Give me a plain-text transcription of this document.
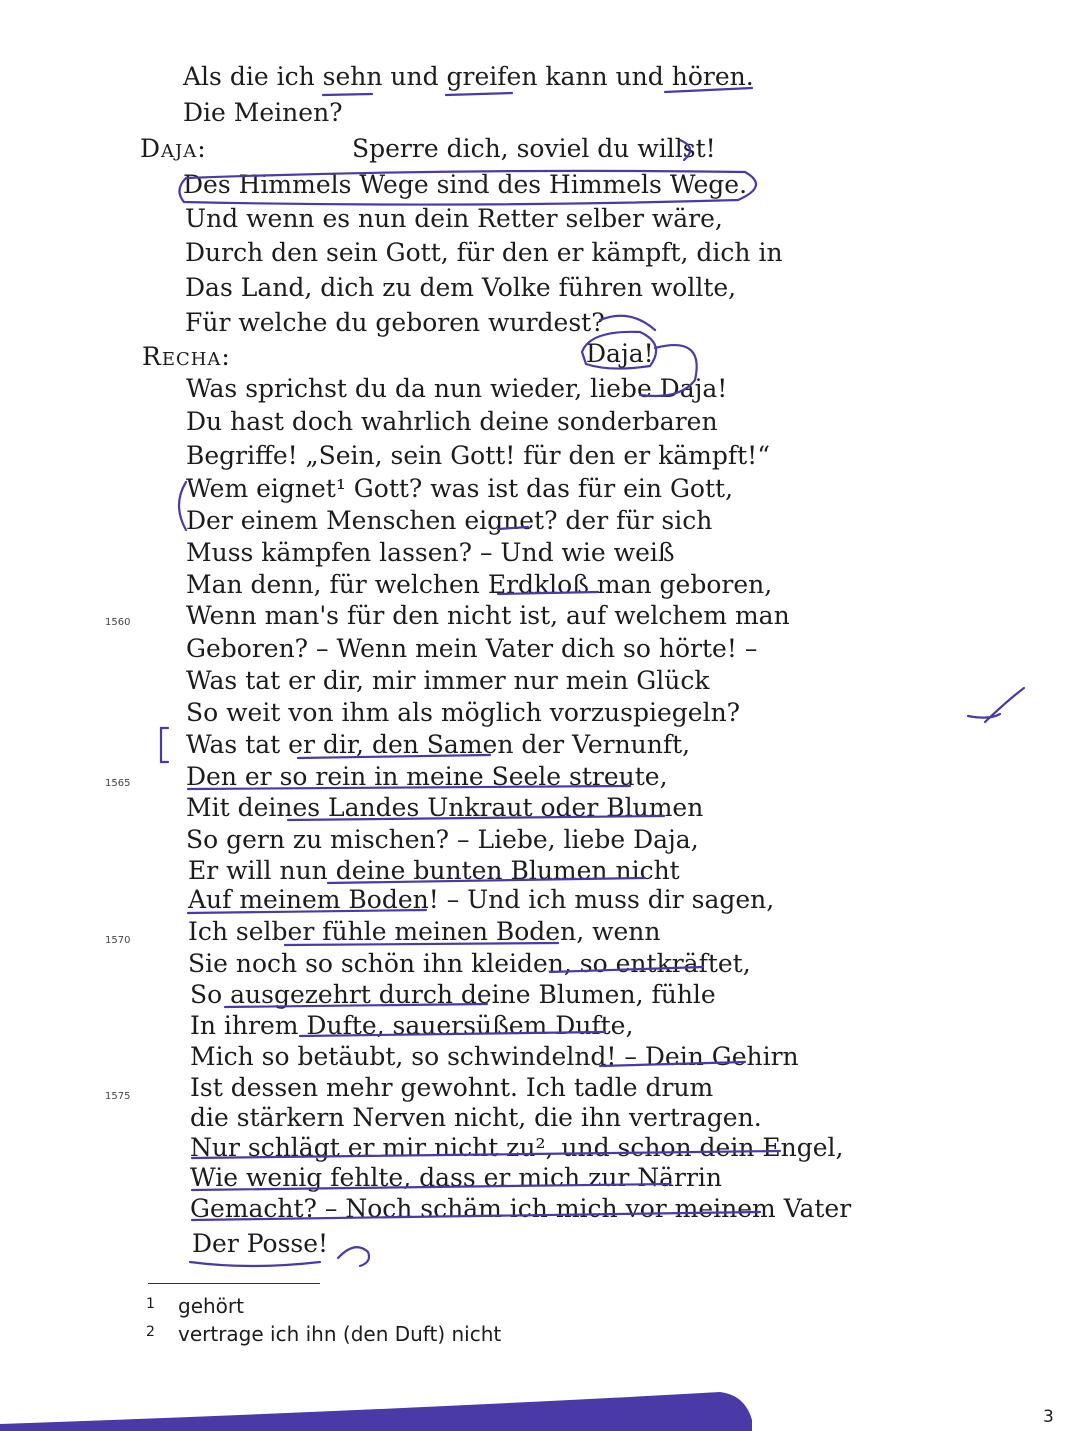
Als die ich sehn und greifen kann und hören.
Die Meinen?
Daja:	Sperre dich, soviel du willst!
Des Himmels Wege sind des Himmels Wege.
Und wenn es nun dein Retter selber wäre,
Durch den sein Gott, für den er kämpft, dich in
Das Land, dich zu dem Volke führen wollte,
Für welche du geboren wurdest?
Recha:	Daja!
Was sprichst du da nun wieder, liebe Daja!
Du hast doch wahrlich deine sonderbaren
Begriffe! „Sein, sein Gott! für den er kämpft!“
Wem eignet¹ Gott? was ist das für ein Gott,
Der einem Menschen eignet? der für sich
Muss kämpfen lassen? – Und wie weiß
Man denn, für welchen Erdkloß man geboren,
Wenn man's für den nicht ist, auf welchem man
Geboren? – Wenn mein Vater dich so hörte! –
Was tat er dir, mir immer nur mein Glück
So weit von ihm als möglich vorzuspiegeln?
Was tat er dir, den Samen der Vernunft,
Den er so rein in meine Seele streute,
Mit deines Landes Unkraut oder Blumen
So gern zu mischen? – Liebe, liebe Daja,
Er will nun deine bunten Blumen nicht
Auf meinem Boden! – Und ich muss dir sagen,
Ich selber fühle meinen Boden, wenn
Sie noch so schön ihn kleiden, so entkräftet,
So ausgezehrt durch deine Blumen, fühle
In ihrem Dufte, sauersüßem Dufte,
Mich so betäubt, so schwindelnd! – Dein Gehirn
Ist dessen mehr gewohnt. Ich tadle drum
die stärkern Nerven nicht, die ihn vertragen.
Nur schlägt er mir nicht zu², und schon dein Engel,
Wie wenig fehlte, dass er mich zur Närrin
Gemacht? – Noch schäm ich mich vor meinem Vater
Der Posse!
1560
1565
1570
1575
1 gehört
2 vertrage ich ihn (den Duft) nicht
3
